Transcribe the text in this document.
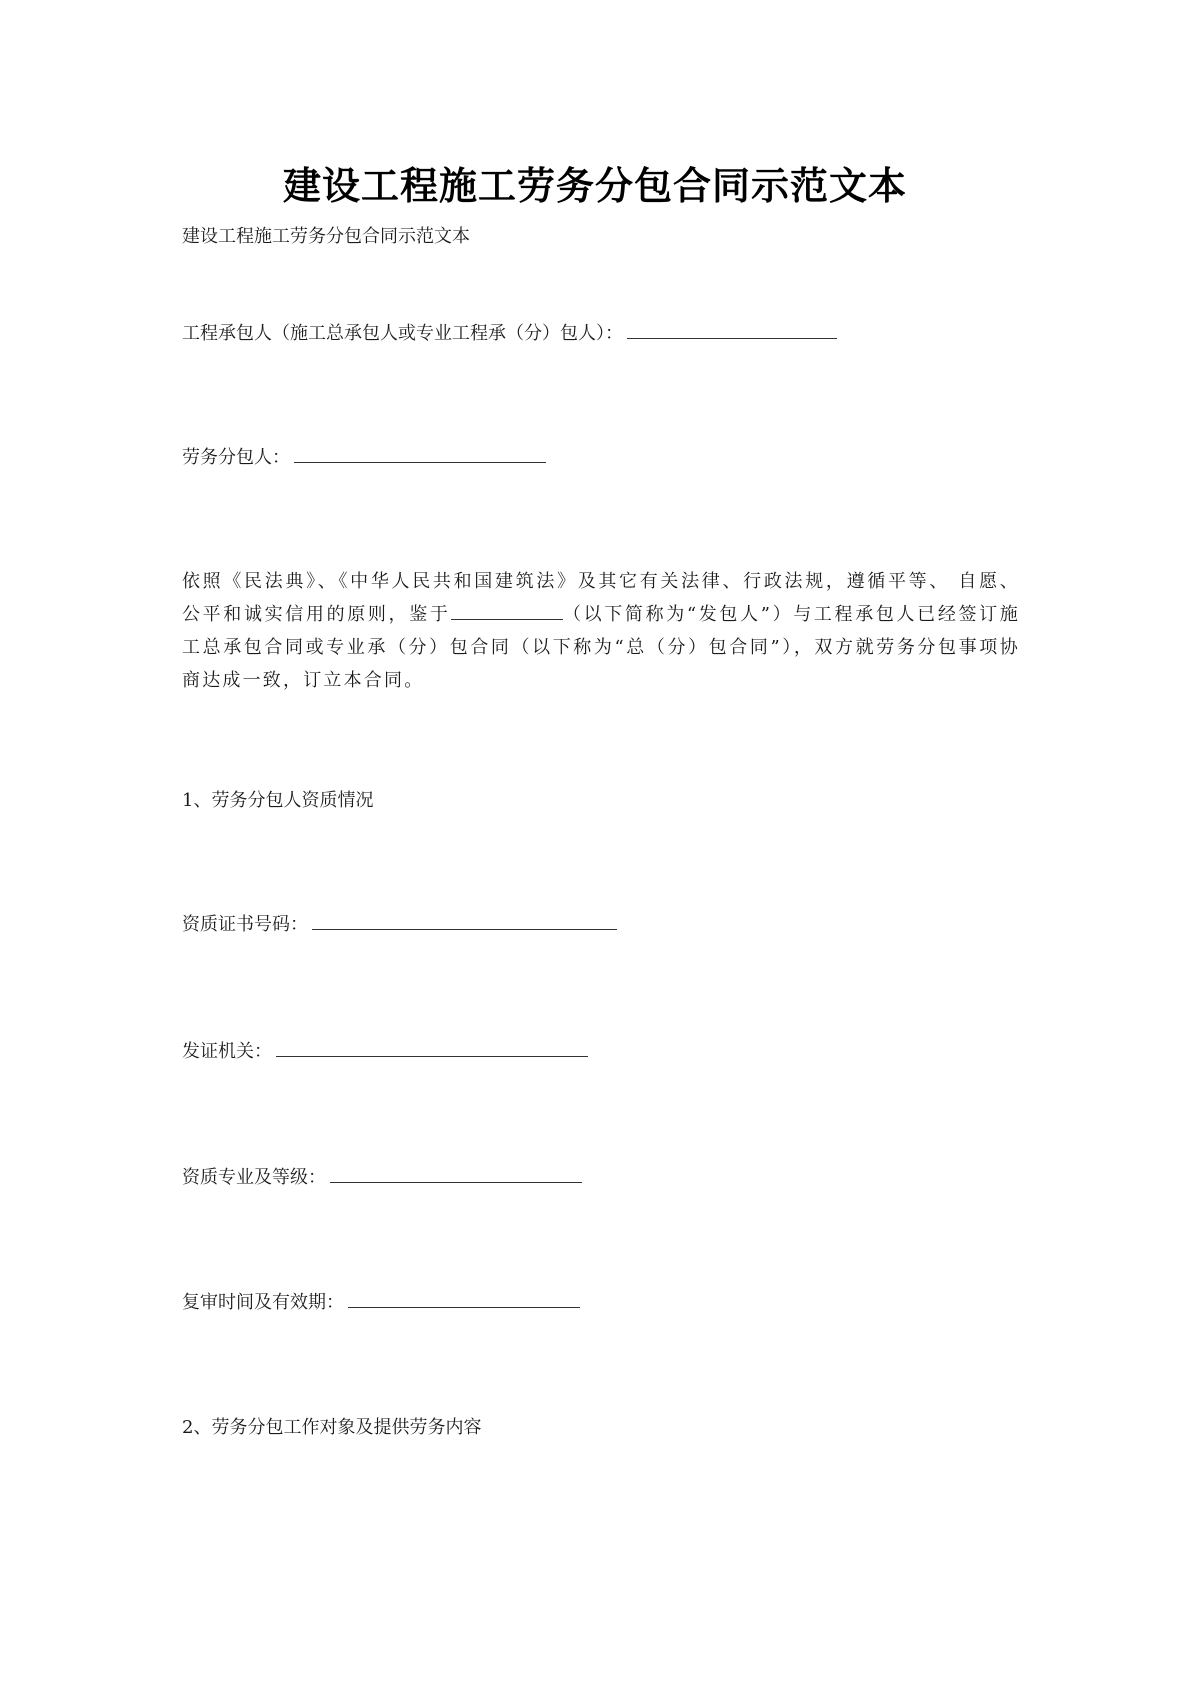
建设工程施工劳务分包合同示范文本
建设工程施工劳务分包合同示范文本
工程承包人（施工总承包人或专业工程承（分）包人）：
劳务分包人：
依照《民法典》、《中华人民共和国建筑法》及其它有关法律、行政法规，遵循平等、 自愿、公平和诚实信用的原则，鉴于	（以下简称为“发包人”）与工程承包人已经签订施工总承包合同或专业承（分）包合同（以下称为“总（分）包合同”），双方就劳务分包事项协商达成一致，订立本合同。
1、劳务分包人资质情况
资质证书号码：
发证机关：
资质专业及等级：
复审时间及有效期：
2、劳务分包工作对象及提供劳务内容
